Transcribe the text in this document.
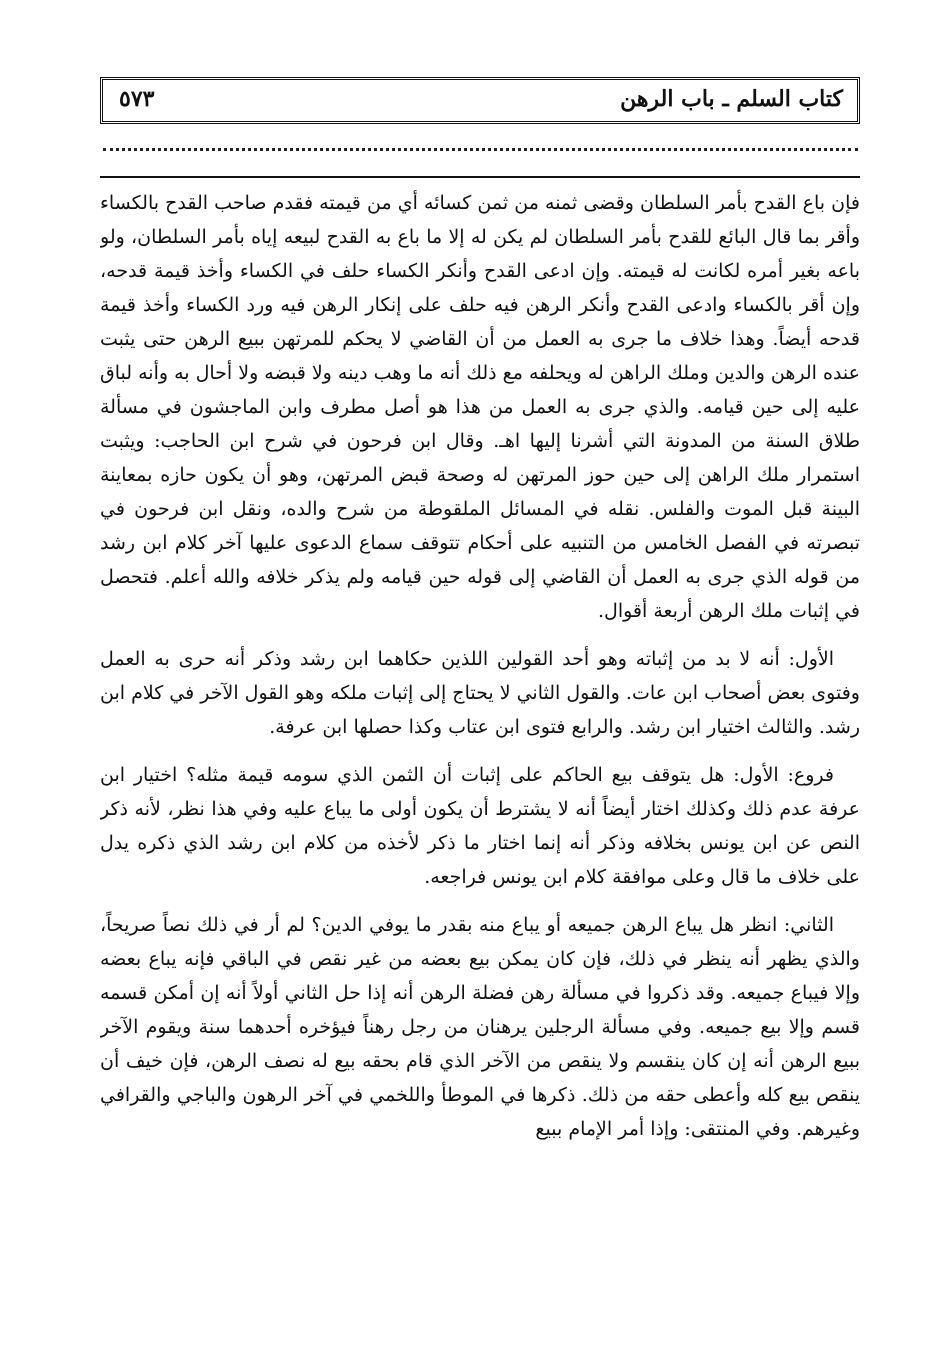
كتاب السلم ـ باب الرهن
٥٧٣

فإن باع القدح بأمر السلطان وقضى ثمنه من ثمن كسائه أي من قيمته فقدم صاحب القدح بالكساء وأقر بما قال البائع للقدح بأمر السلطان لم يكن له إلا ما باع به القدح لبيعه إياه بأمر السلطان، ولو باعه بغير أمره لكانت له قيمته. وإن ادعى القدح وأنكر الكساء حلف في الكساء وأخذ قيمة قدحه، وإن أقر بالكساء وادعى القدح وأنكر الرهن فيه حلف على إنكار الرهن فيه ورد الكساء وأخذ قيمة قدحه أيضاً. وهذا خلاف ما جرى به العمل من أن القاضي لا يحكم للمرتهن ببيع الرهن حتى يثبت عنده الرهن والدين وملك الراهن له ويحلفه مع ذلك أنه ما وهب دينه ولا قبضه ولا أحال به وأنه لباق عليه إلى حين قيامه. والذي جرى به العمل من هذا هو أصل مطرف وابن الماجشون في مسألة طلاق السنة من المدونة التي أشرنا إليها اهـ. وقال ابن فرحون في شرح ابن الحاجب: ويثبت استمرار ملك الراهن إلى حين حوز المرتهن له وصحة قبض المرتهن، وهو أن يكون حازه بمعاينة البينة قبل الموت والفلس. نقله في المسائل الملقوطة من شرح والده، ونقل ابن فرحون في تبصرته في الفصل الخامس من التنبيه على أحكام تتوقف سماع الدعوى عليها آخر كلام ابن رشد من قوله الذي جرى به العمل أن القاضي إلى قوله حين قيامه ولم يذكر خلافه والله أعلم. فتحصل في إثبات ملك الرهن أربعة أقوال.

الأول: أنه لا بد من إثباته وهو أحد القولين اللذين حكاهما ابن رشد وذكر أنه حرى به العمل وفتوى بعض أصحاب ابن عات. والقول الثاني لا يحتاج إلى إثبات ملكه وهو القول الآخر في كلام ابن رشد. والثالث اختيار ابن رشد. والرابع فتوى ابن عتاب وكذا حصلها ابن عرفة.

فروع: الأول: هل يتوقف بيع الحاكم على إثبات أن الثمن الذي سومه قيمة مثله؟ اختيار ابن عرفة عدم ذلك وكذلك اختار أيضاً أنه لا يشترط أن يكون أولى ما يباع عليه وفي هذا نظر، لأنه ذكر النص عن ابن يونس بخلافه وذكر أنه إنما اختار ما ذكر لأخذه من كلام ابن رشد الذي ذكره يدل على خلاف ما قال وعلى موافقة كلام ابن يونس فراجعه.

الثاني: انظر هل يباع الرهن جميعه أو يباع منه بقدر ما يوفي الدين؟ لم أر في ذلك نصاً صريحاً، والذي يظهر أنه ينظر في ذلك، فإن كان يمكن بيع بعضه من غير نقص في الباقي فإنه يباع بعضه وإلا فيباع جميعه. وقد ذكروا في مسألة رهن فضلة الرهن أنه إذا حل الثاني أولاً أنه إن أمكن قسمه قسم وإلا بيع جميعه. وفي مسألة الرجلين يرهنان من رجل رهناً فيؤخره أحدهما سنة ويقوم الآخر ببيع الرهن أنه إن كان ينقسم ولا ينقص من الآخر الذي قام بحقه بيع له نصف الرهن، فإن خيف أن ينقص بيع كله وأعطى حقه من ذلك. ذكرها في الموطأ واللخمي في آخر الرهون والباجي والقرافي وغيرهم. وفي المنتقى: وإذا أمر الإمام ببيع
